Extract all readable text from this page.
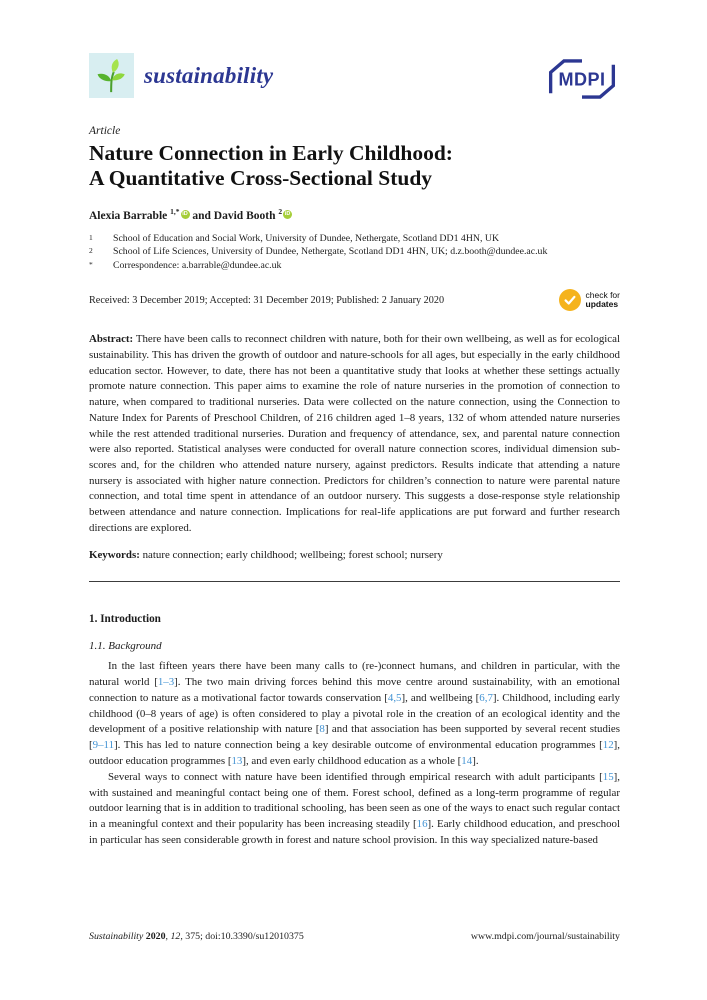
sustainability	MDPI
Article
Nature Connection in Early Childhood:
A Quantitative Cross-Sectional Study
Alexia Barrable $^{1,*}$ iD and David Booth $^2$ iD
1	School of Education and Social Work, University of Dundee, Nethergate, Scotland DD1 4HN, UK
2	School of Life Sciences, University of Dundee, Nethergate, Scotland DD1 4HN, UK; d.z.booth@dundee.ac.uk
*	Correspondence: a.barrable@dundee.ac.uk
Received: 3 December 2019; Accepted: 31 December 2019; Published: 2 January 2020
check for
updates

Abstract: There have been calls to reconnect children with nature, both for their own wellbeing, as well as for ecological sustainability. This has driven the growth of outdoor and nature-schools for all ages, but especially in the early childhood education sector. However, to date, there has not been a quantitative study that looks at whether these settings actually promote nature connection. This paper aims to examine the role of nature nurseries in the promotion of connection to nature, when compared to traditional nurseries. Data were collected on the nature connection, using the Connection to Nature Index for Parents of Preschool Children, of 216 children aged 1–8 years, 132 of whom attended nature nurseries while the rest attended traditional nurseries. Duration and frequency of attendance, sex, and parental nature connection were also reported. Statistical analyses were conducted for overall nature connection scores, individual dimension sub-scores and, for the children who attended nature nursery, against predictors. Results indicate that attending a nature nursery is associated with higher nature connection. Predictors for children’s connection to nature were parental nature connection, and total time spent in attendance of an outdoor nursery. This suggests a dose-response style relationship between attendance and nature connection. Implications for real-life applications are put forward and further research directions are explored.

Keywords: nature connection; early childhood; wellbeing; forest school; nursery

1. Introduction
1.1. Background

In the last fifteen years there have been many calls to (re-)connect humans, and children in particular, with the natural world [1–3]. The two main driving forces behind this move centre around sustainability, with an emotional connection to nature as a motivational factor towards conservation [4,5], and wellbeing [6,7]. Childhood, including early childhood (0–8 years of age) is often considered to play a pivotal role in the creation of an ecological identity and the development of a positive relationship with nature [8] and that association has been supported by several recent studies [9–11]. This has led to nature connection being a key desirable outcome of environmental education programmes [12], outdoor education programmes [13], and even early childhood education as a whole [14].

Several ways to connect with nature have been identified through empirical research with adult participants [15], with sustained and meaningful contact being one of them. Forest school, defined as a long-term programme of regular outdoor learning that is in addition to traditional schooling, has been seen as one of the ways to enact such regular contact in a meaningful context and their popularity has been increasing steadily [16]. Early childhood education, and preschool in particular has seen considerable growth in forest and nature school provision. In this way specialized nature-based

Sustainability 2020, 12, 375; doi:10.3390/su12010375	www.mdpi.com/journal/sustainability
